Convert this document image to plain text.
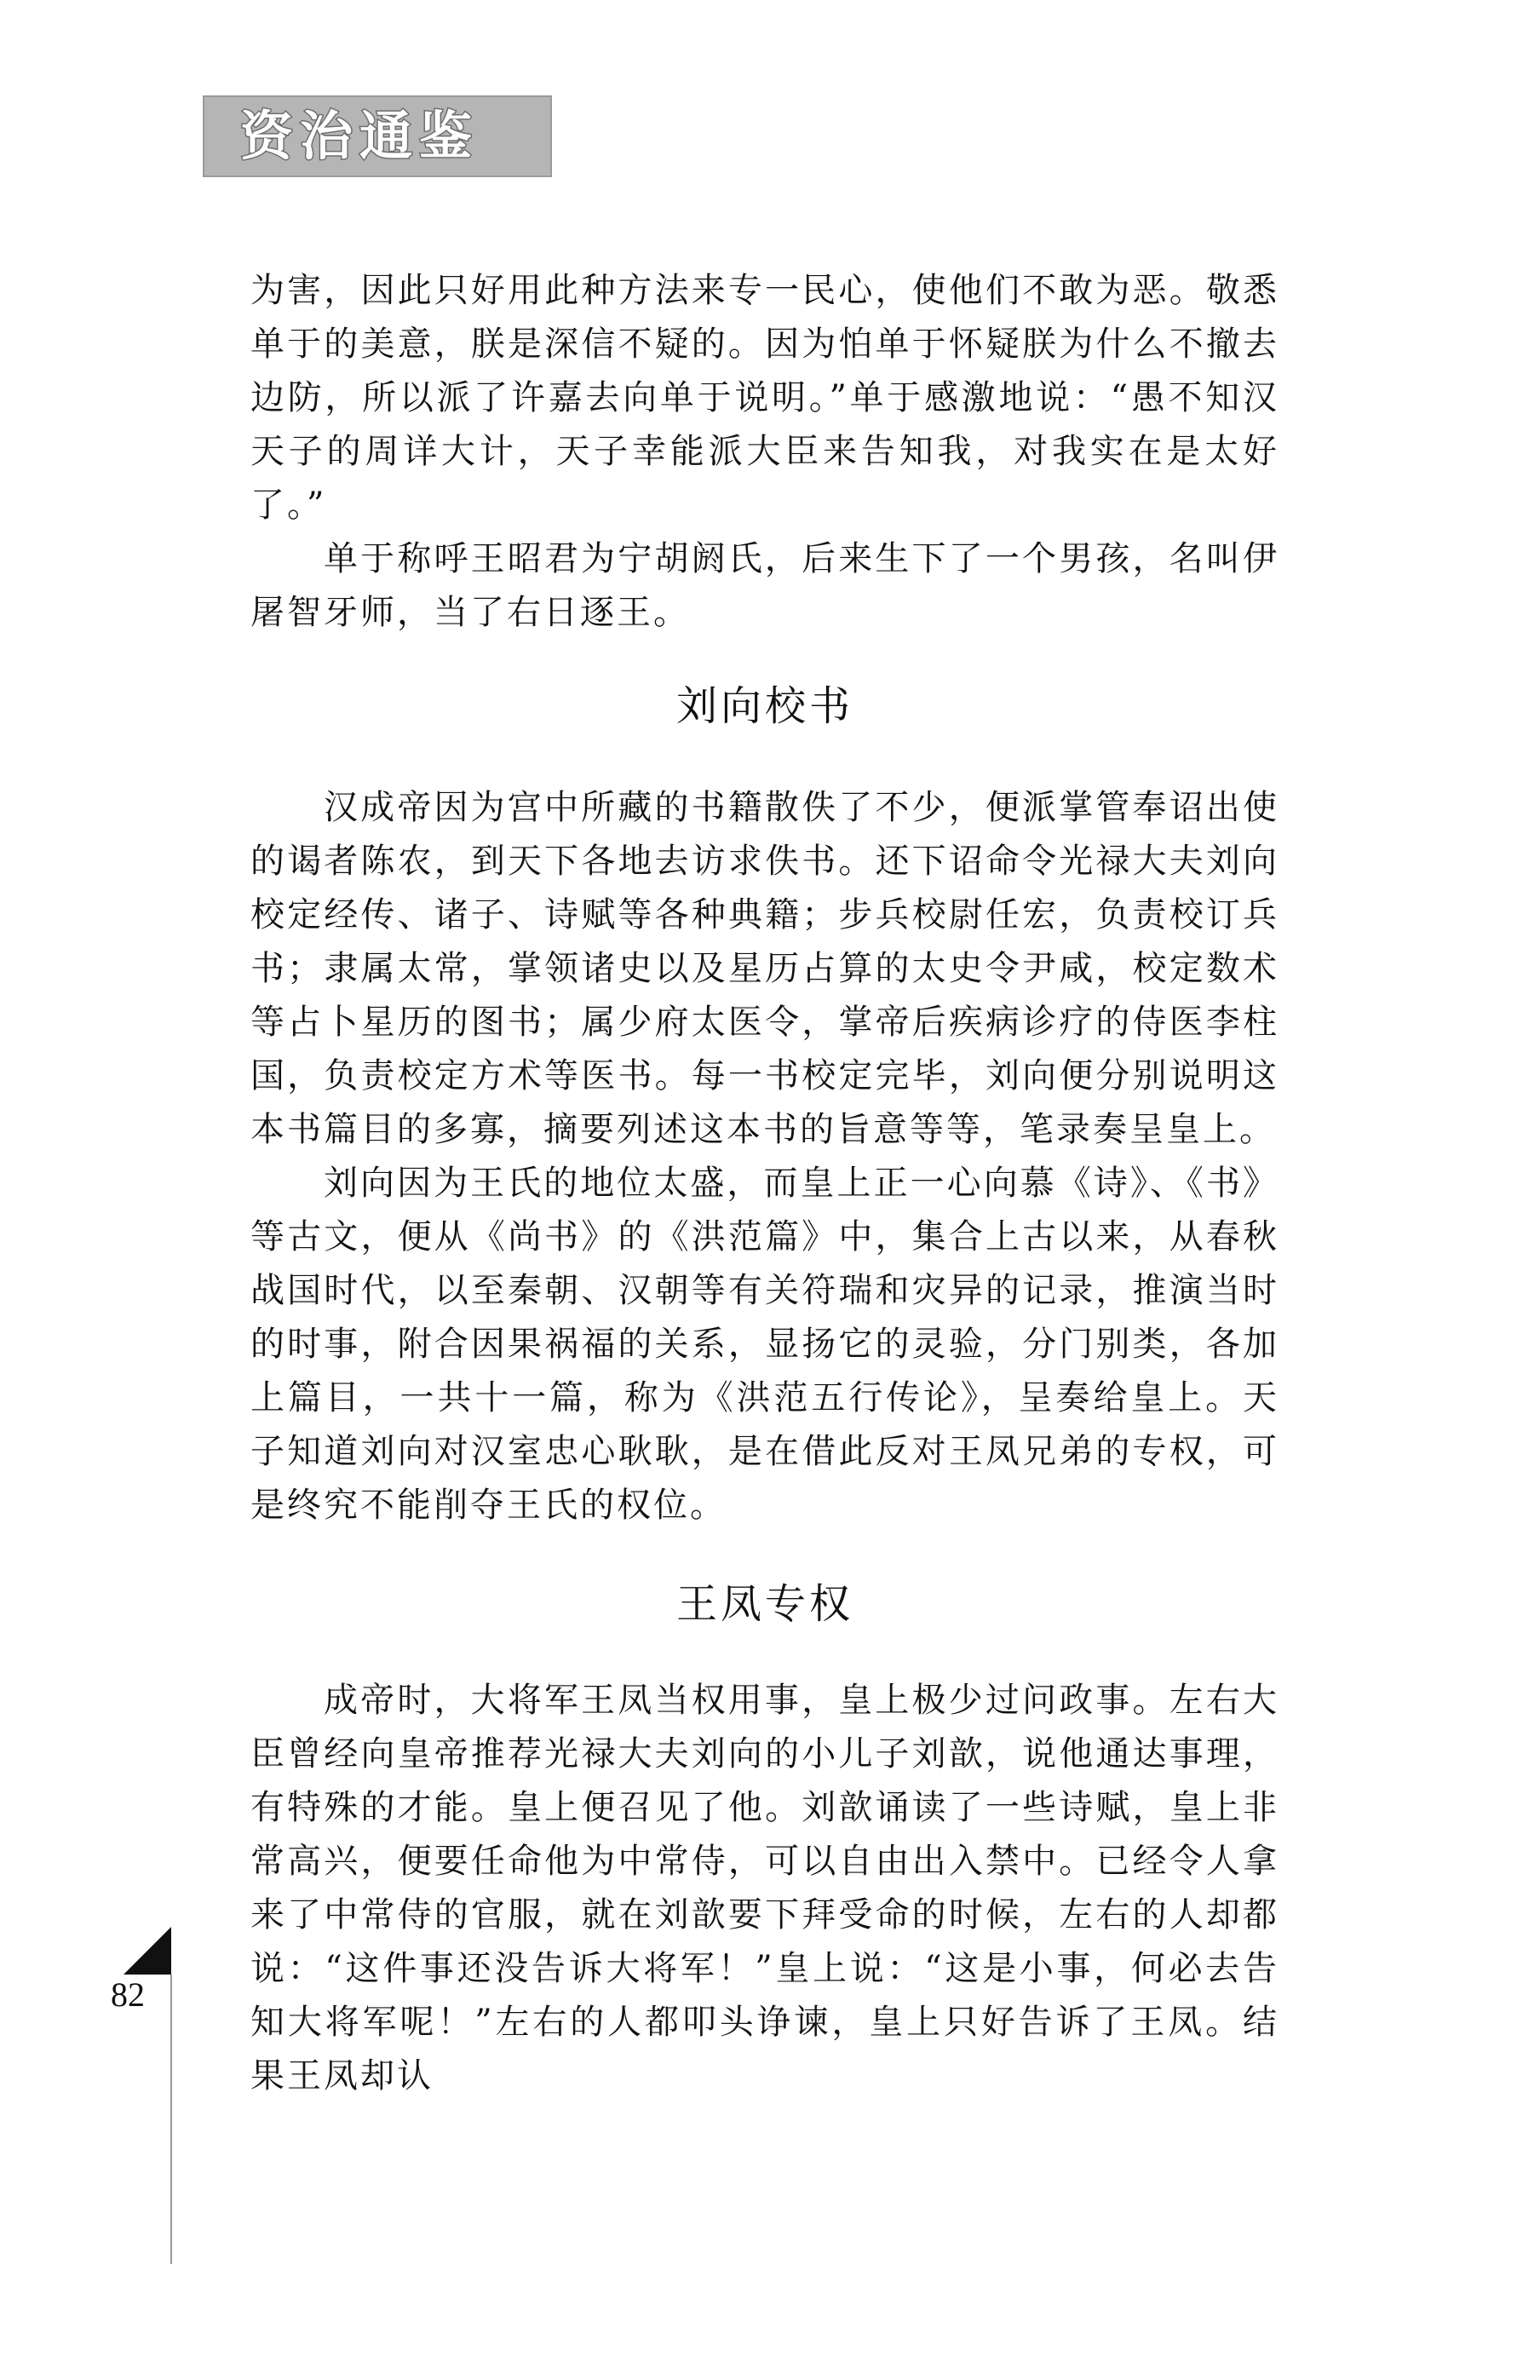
资治通鉴

为害，因此只好用此种方法来专一民心，使他们不敢为恶。敬悉单于的美意，朕是深信不疑的。因为怕单于怀疑朕为什么不撤去边防，所以派了许嘉去向单于说明。”单于感激地说：“愚不知汉天子的周详大计，天子幸能派大臣来告知我，对我实在是太好了。”

单于称呼王昭君为宁胡阏氏，后来生下了一个男孩，名叫伊屠智牙师，当了右日逐王。

刘向校书

汉成帝因为宫中所藏的书籍散佚了不少，便派掌管奉诏出使的谒者陈农，到天下各地去访求佚书。还下诏命令光禄大夫刘向校定经传、诸子、诗赋等各种典籍；步兵校尉任宏，负责校订兵书；隶属太常，掌领诸史以及星历占算的太史令尹咸，校定数术等占卜星历的图书；属少府太医令，掌帝后疾病诊疗的侍医李柱国，负责校定方术等医书。每一书校定完毕，刘向便分别说明这本书篇目的多寡，摘要列述这本书的旨意等等，笔录奏呈皇上。

刘向因为王氏的地位太盛，而皇上正一心向慕《诗》、《书》等古文，便从《尚书》的《洪范篇》中，集合上古以来，从春秋战国时代，以至秦朝、汉朝等有关符瑞和灾异的记录，推演当时的时事，附合因果祸福的关系，显扬它的灵验，分门别类，各加上篇目，一共十一篇，称为《洪范五行传论》，呈奏给皇上。天子知道刘向对汉室忠心耿耿，是在借此反对王凤兄弟的专权，可是终究不能削夺王氏的权位。

王凤专权

成帝时，大将军王凤当权用事，皇上极少过问政事。左右大臣曾经向皇帝推荐光禄大夫刘向的小儿子刘歆，说他通达事理，有特殊的才能。皇上便召见了他。刘歆诵读了一些诗赋，皇上非常高兴，便要任命他为中常侍，可以自由出入禁中。已经令人拿来了中常侍的官服，就在刘歆要下拜受命的时候，左右的人却都说：“这件事还没告诉大将军！”皇上说：“这是小事，何必去告知大将军呢！”左右的人都叩头诤谏，皇上只好告诉了王凤。结果王凤却认

82
